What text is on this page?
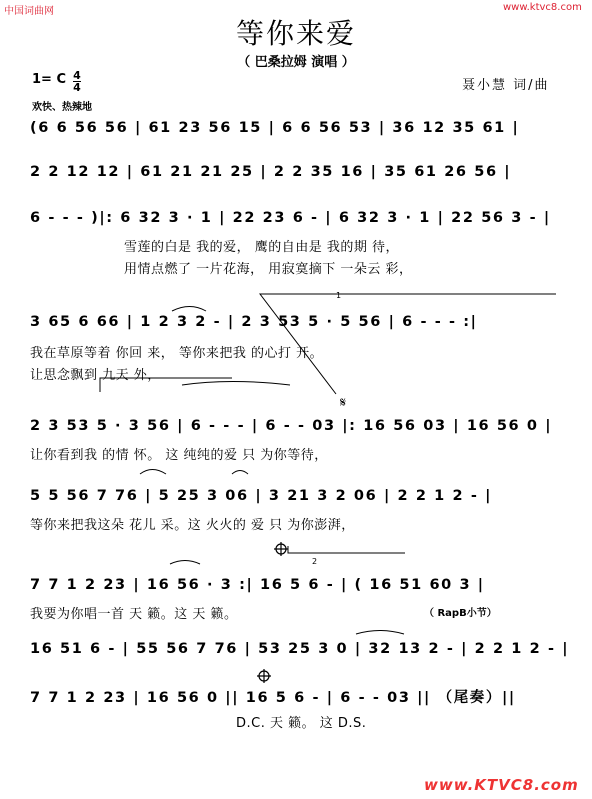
中国词曲网	www.ktvc8.com
等你来爱
（ 巴桑拉姆 演唱 ）
1= C 4
4	聂小慧 词/曲
欢快、热辣地
1
2
𝄋
(6 6 56 56 | 61 23 56 15 | 6 6 56 53 | 36 12 35 61 |
2 2 12 12 | 61 21 21 25 | 2 2 35 16 | 35 61 26 56 |
6 - - - )|: 6 32 3 · 1 | 22 23 6 - | 6 32 3 · 1 | 22 56 3 - |
雪莲的白是 我的爱， 鹰的自由是 我的期 待，
用情点燃了 一片花海， 用寂寞摘下 一朵云 彩，
3 65 6 66 | 1 2 3 2 - | 2 3 53 5 · 5 56 | 6 - - - :|
我在草原等着 你回 来， 等你来把我 的心打 开。
让思念飘到 九天 外，
2 3 53 5 · 3 56 | 6 - - - | 6 - - 03 |: 16 56 03 | 16 56 0 |
让你看到我 的情 怀。 这 纯纯的爱 只 为你等待，
5 5 56 7 76 | 5 25 3 06 | 3 21 3 2 06 | 2 2 1 2 - |
等你来把我这朵 花儿 采。这 火火的 爱 只 为你澎湃，
7 7 1 2 23 | 16 56 · 3 :| 16 5 6 - | ( 16 51 60 3 |
我要为你唱一首 天 籁。这 天 籁。	（ RapB小节）
16 51 6 - | 55 56 7 76 | 53 25 3 0 | 32 13 2 - | 2 2 1 2 - |
7 7 1 2 23 | 16 56 0 || 16 5 6 - | 6 - - 03 || （尾奏）||
D.C. 天 籁。 这 D.S.
www.KTVC8.com
